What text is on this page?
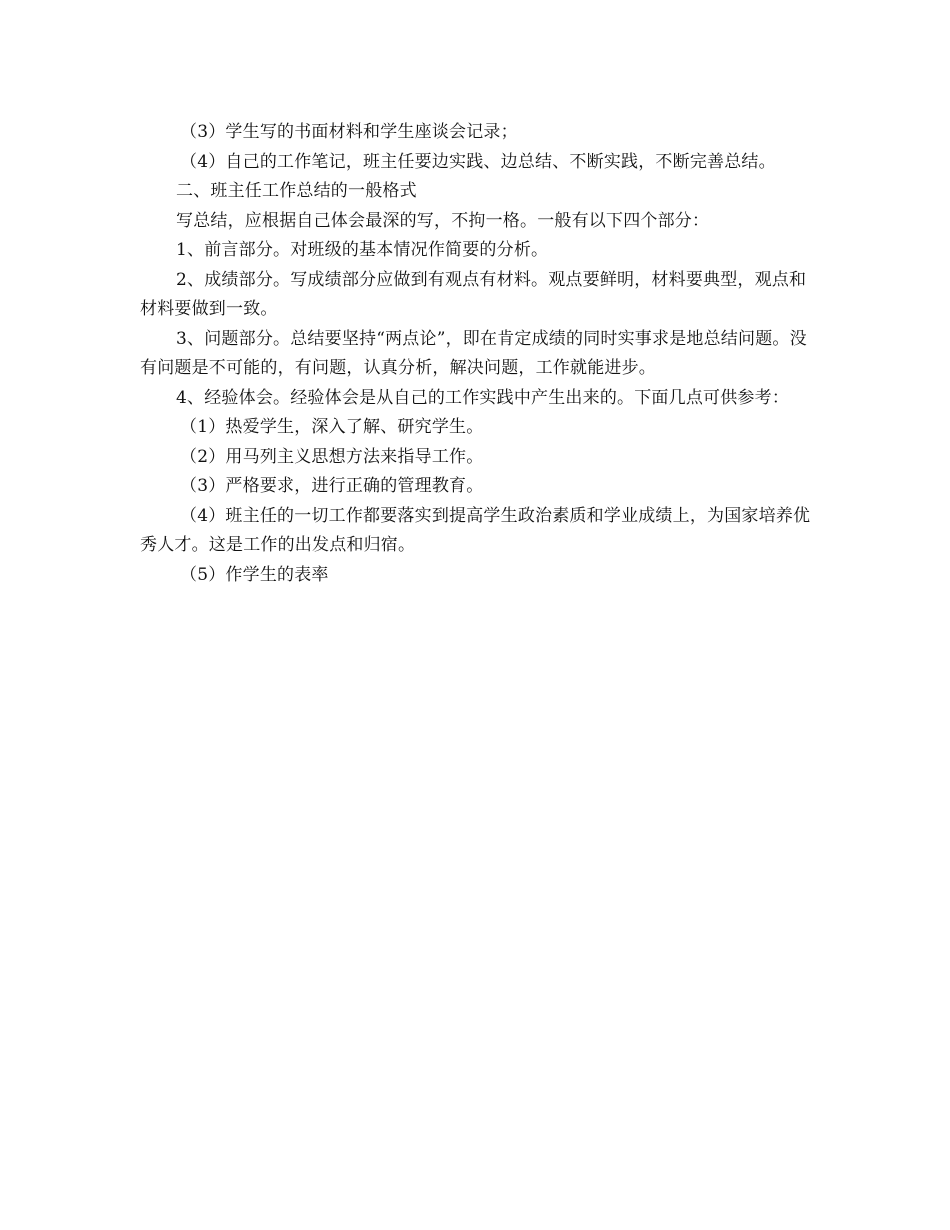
（3）学生写的书面材料和学生座谈会记录；

（4）自己的工作笔记，班主任要边实践、边总结、不断实践，不断完善总结。

二、班主任工作总结的一般格式

写总结，应根据自己体会最深的写，不拘一格。一般有以下四个部分：

1、前言部分。对班级的基本情况作简要的分析。

2、成绩部分。写成绩部分应做到有观点有材料。观点要鲜明，材料要典型，观点和材料要做到一致。

3、问题部分。总结要坚持“两点论”，即在肯定成绩的同时实事求是地总结问题。没有问题是不可能的，有问题，认真分析，解决问题，工作就能进步。

4、经验体会。经验体会是从自己的工作实践中产生出来的。下面几点可供参考：

（1）热爱学生，深入了解、研究学生。

（2）用马列主义思想方法来指导工作。

（3）严格要求，进行正确的管理教育。

（4）班主任的一切工作都要落实到提高学生政治素质和学业成绩上，为国家培养优秀人才。这是工作的出发点和归宿。

（5）作学生的表率
